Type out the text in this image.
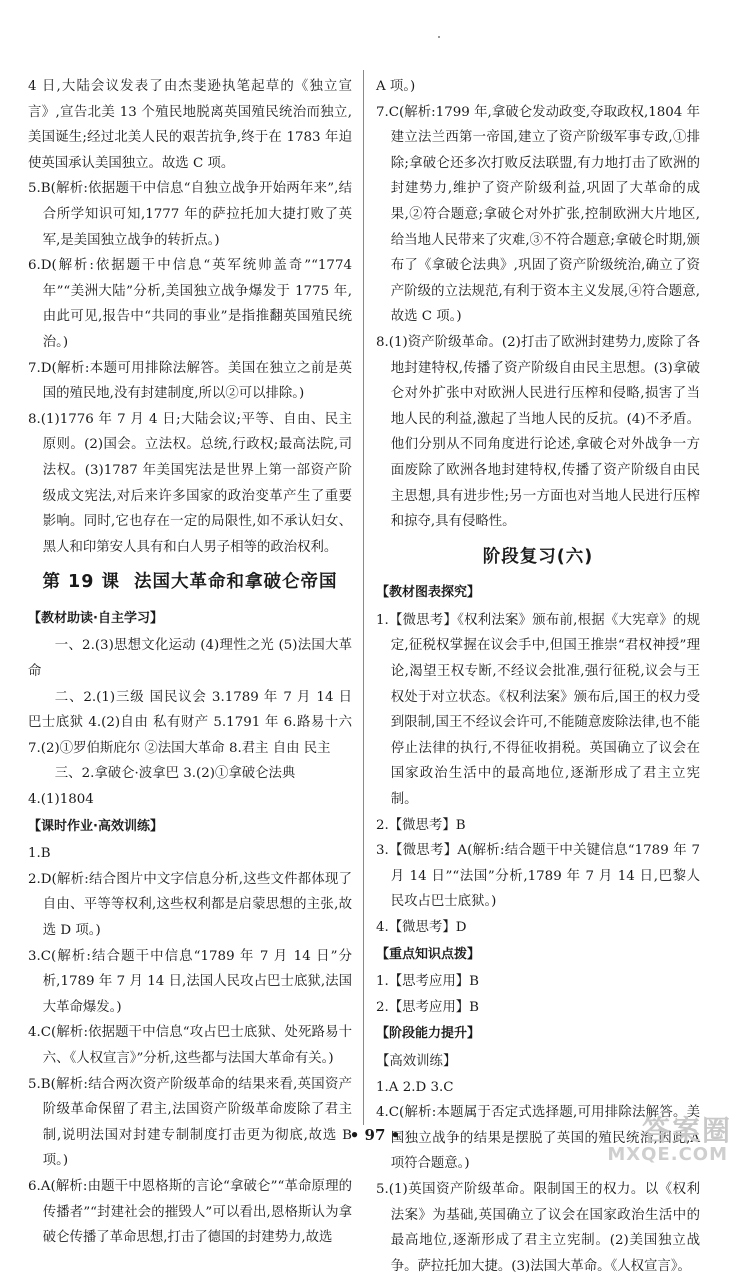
4 日,大陆会议发表了由杰斐逊执笔起草的《独立宣言》,宣告北美 13 个殖民地脱离英国殖民统治而独立,美国诞生;经过北美人民的艰苦抗争,终于在 1783 年迫使英国承认美国独立。故选 C 项。

5.B(解析:依据题干中信息“自独立战争开始两年来”,结合所学知识可知,1777 年的萨拉托加大捷打败了英军,是美国独立战争的转折点。)

6.D(解析:依据题干中信息“英军统帅盖奇”“1774 年”“美洲大陆”分析,美国独立战争爆发于 1775 年,由此可见,报告中“共同的事业”是指推翻英国殖民统治。)

7.D(解析:本题可用排除法解答。美国在独立之前是英国的殖民地,没有封建制度,所以②可以排除。)

8.(1)1776 年 7 月 4 日;大陆会议;平等、自由、民主原则。(2)国会。立法权。总统,行政权;最高法院,司法权。(3)1787 年美国宪法是世界上第一部资产阶级成文宪法,对后来许多国家的政治变革产生了重要影响。同时,它也存在一定的局限性,如不承认妇女、黑人和印第安人具有和白人男子相等的政治权利。

第 19 课 法国大革命和拿破仑帝国
【教材助读·自主学习】

一、2.(3)思想文化运动 (4)理性之光 (5)法国大革命

二、2.(1)三级 国民议会 3.1789 年 7 月 14 日 巴士底狱 4.(2)自由 私有财产 5.1791 年 6.路易十六 7.(2)①罗伯斯庇尔 ②法国大革命 8.君主 自由 民主

三、2.拿破仑·波拿巴 3.(2)①拿破仑法典

4.(1)1804

【课时作业·高效训练】

1.B

2.D(解析:结合图片中文字信息分析,这些文件都体现了自由、平等等权利,这些权利都是启蒙思想的主张,故选 D 项。)

3.C(解析:结合题干中信息“1789 年 7 月 14 日”分析,1789 年 7 月 14 日,法国人民攻占巴士底狱,法国大革命爆发。)

4.C(解析:依据题干中信息“攻占巴士底狱、处死路易十六、《人权宣言》”分析,这些都与法国大革命有关。)

5.B(解析:结合两次资产阶级革命的结果来看,英国资产阶级革命保留了君主,法国资产阶级革命废除了君主制,说明法国对封建专制制度打击更为彻底,故选 B 项。)

6.A(解析:由题干中恩格斯的言论“拿破仑”“革命原理的传播者”“封建社会的摧毁人”可以看出,恩格斯认为拿破仑传播了革命思想,打击了德国的封建势力,故选

A 项。)

7.C(解析:1799 年,拿破仑发动政变,夺取政权,1804 年建立法兰西第一帝国,建立了资产阶级军事专政,①排除;拿破仑还多次打败反法联盟,有力地打击了欧洲的封建势力,维护了资产阶级利益,巩固了大革命的成果,②符合题意;拿破仑对外扩张,控制欧洲大片地区,给当地人民带来了灾难,③不符合题意;拿破仑时期,颁布了《拿破仑法典》,巩固了资产阶级统治,确立了资产阶级的立法规范,有利于资本主义发展,④符合题意,故选 C 项。)

8.(1)资产阶级革命。(2)打击了欧洲封建势力,废除了各地封建特权,传播了资产阶级自由民主思想。(3)拿破仑对外扩张中对欧洲人民进行压榨和侵略,损害了当地人民的利益,激起了当地人民的反抗。(4)不矛盾。他们分别从不同角度进行论述,拿破仑对外战争一方面废除了欧洲各地封建特权,传播了资产阶级自由民主思想,具有进步性;另一方面也对当地人民进行压榨和掠夺,具有侵略性。

阶段复习(六)
【教材图表探究】

1.【微思考】《权利法案》颁布前,根据《大宪章》的规定,征税权掌握在议会手中,但国王推崇“君权神授”理论,渴望王权专断,不经议会批准,强行征税,议会与王权处于对立状态。《权利法案》颁布后,国王的权力受到限制,国王不经议会许可,不能随意废除法律,也不能停止法律的执行,不得征收捐税。英国确立了议会在国家政治生活中的最高地位,逐渐形成了君主立宪制。

2.【微思考】B

3.【微思考】A(解析:结合题干中关键信息“1789 年 7 月 14 日”“法国”分析,1789 年 7 月 14 日,巴黎人民攻占巴士底狱。)

4.【微思考】D

【重点知识点拨】

1.【思考应用】B

2.【思考应用】B

【阶段能力提升】

【高效训练】

1.A 2.D 3.C

4.C(解析:本题属于否定式选择题,可用排除法解答。美国独立战争的结果是摆脱了英国的殖民统治,因此,A 项符合题意。)

5.(1)英国资产阶级革命。限制国王的权力。以《权利法案》为基础,英国确立了议会在国家政治生活中的最高地位,逐渐形成了君主立宪制。(2)美国独立战争。萨拉托加大捷。(3)法国大革命。《人权宣言》。

• 97 •	答案圈
MXQE.COM
